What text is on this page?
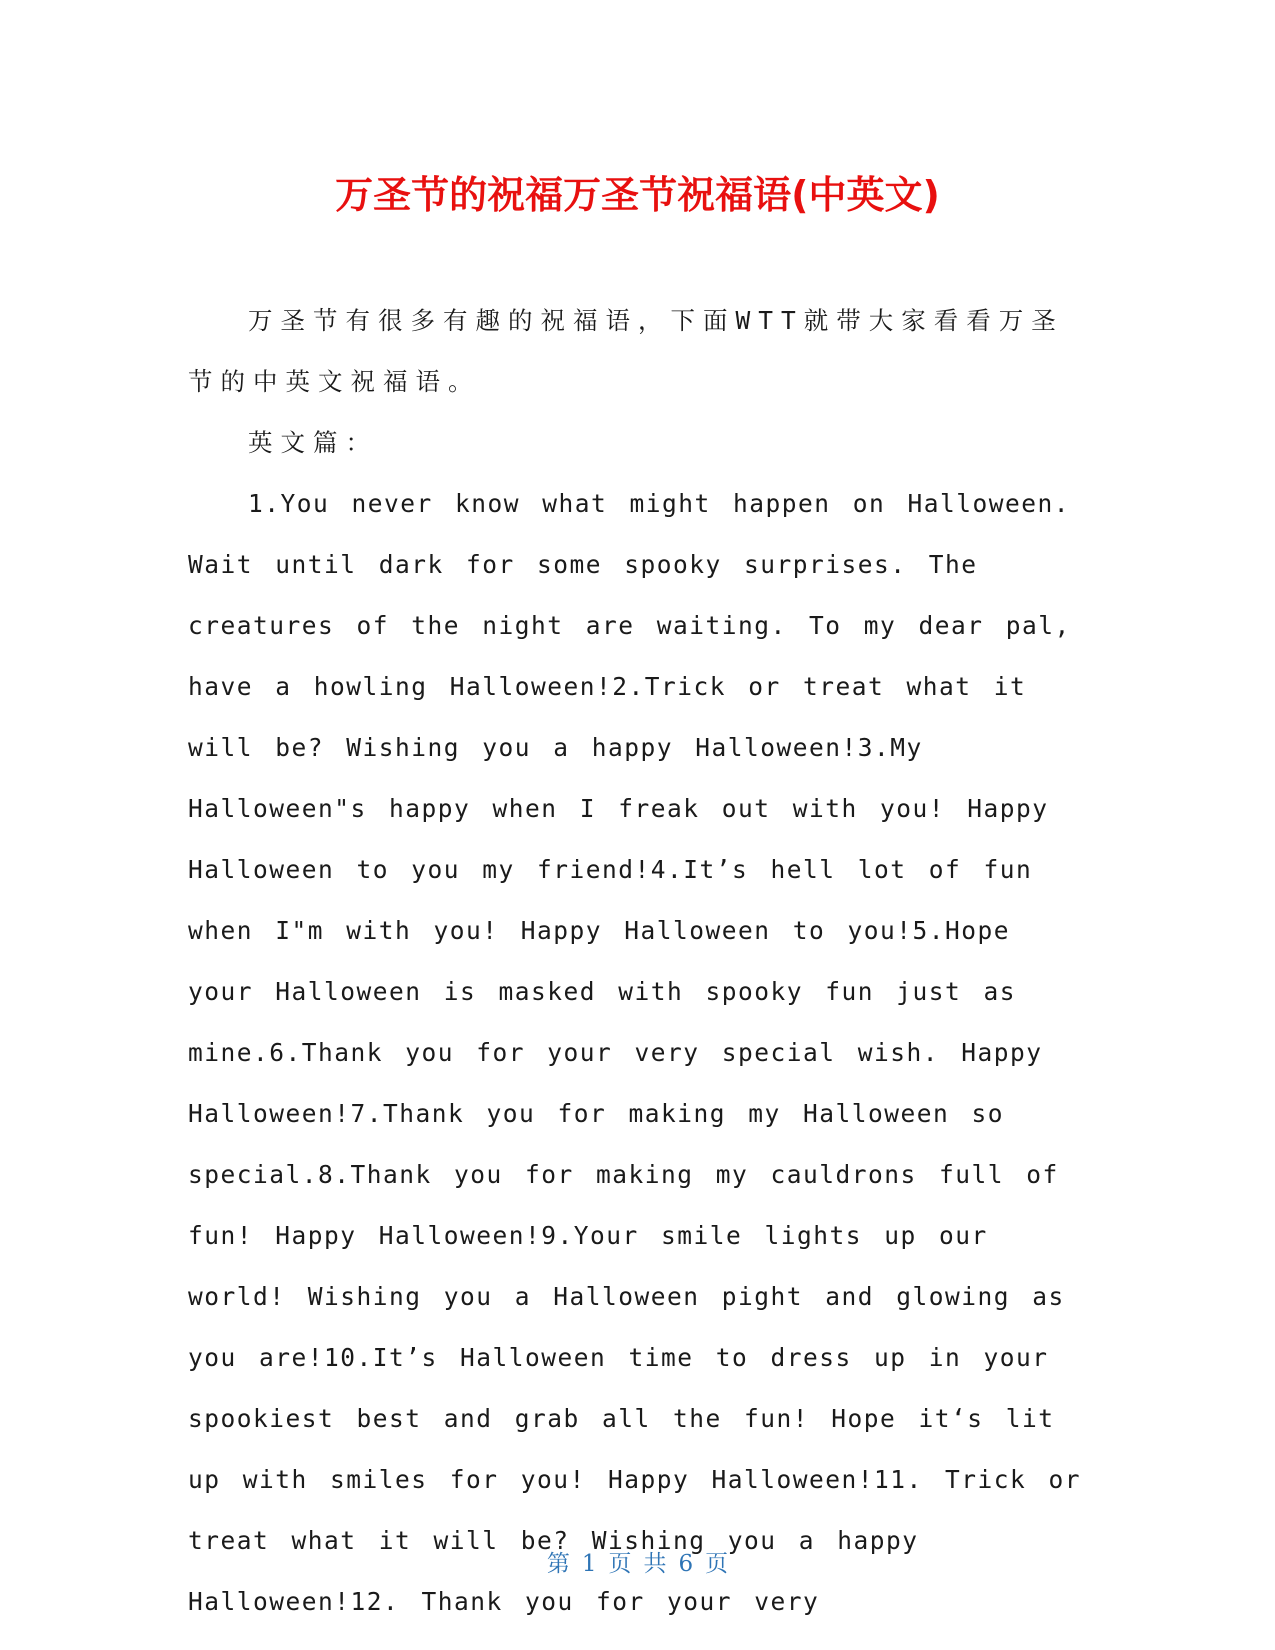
万圣节的祝福万圣节祝福语(中英文)

万圣节有很多有趣的祝福语，下面WTT就带大家看看万圣节的中英文祝福语。

英文篇：

1.You never know what might happen on Halloween. Wait until dark for some spooky surprises. The creatures of the night are waiting. To my dear pal, have a howling Halloween!2.Trick or treat what it will be? Wishing you a happy Halloween!3.My Halloween"s happy when I freak out with you! Happy Halloween to you my friend!4.It’s hell lot of fun when I"m with you! Happy Halloween to you!5.Hope your Halloween is masked with spooky fun just as mine.6.Thank you for your very special wish. Happy Halloween!7.Thank you for making my Halloween so special.8.Thank you for making my cauldrons full of fun! Happy Halloween!9.Your smile lights up our world! Wishing you a Halloween pight and glowing as you are!10.It’s Halloween time to dress up in your spookiest best and grab all the fun! Hope it‘s lit up with smiles for you! Happy Halloween!11. Trick or treat what it will be? Wishing you a happy Halloween!12. Thank you for your very

第 1 页 共 6 页
